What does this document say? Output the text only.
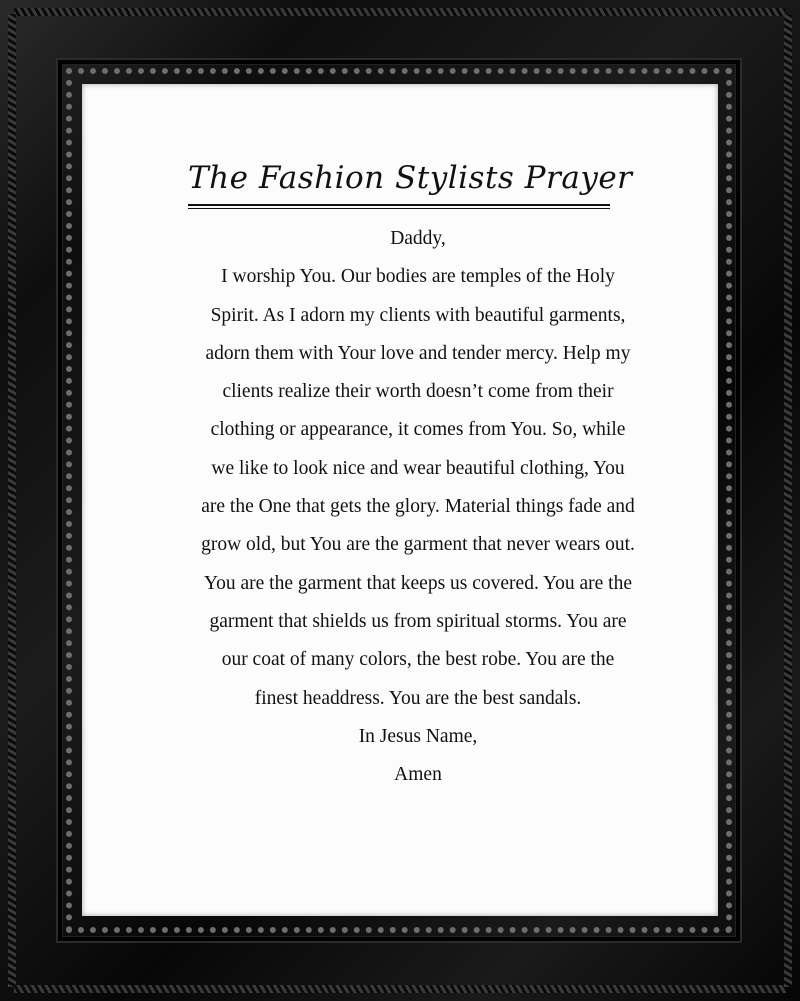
The Fashion Stylists Prayer
Daddy,
I worship You. Our bodies are temples of the Holy
Spirit. As I adorn my clients with beautiful garments,
adorn them with Your love and tender mercy. Help my
clients realize their worth doesn’t come from their
clothing or appearance, it comes from You. So, while
we like to look nice and wear beautiful clothing, You
are the One that gets the glory. Material things fade and
grow old, but You are the garment that never wears out.
You are the garment that keeps us covered. You are the
garment that shields us from spiritual storms. You are
our coat of many colors, the best robe. You are the
finest headdress. You are the best sandals.
In Jesus Name,
Amen
